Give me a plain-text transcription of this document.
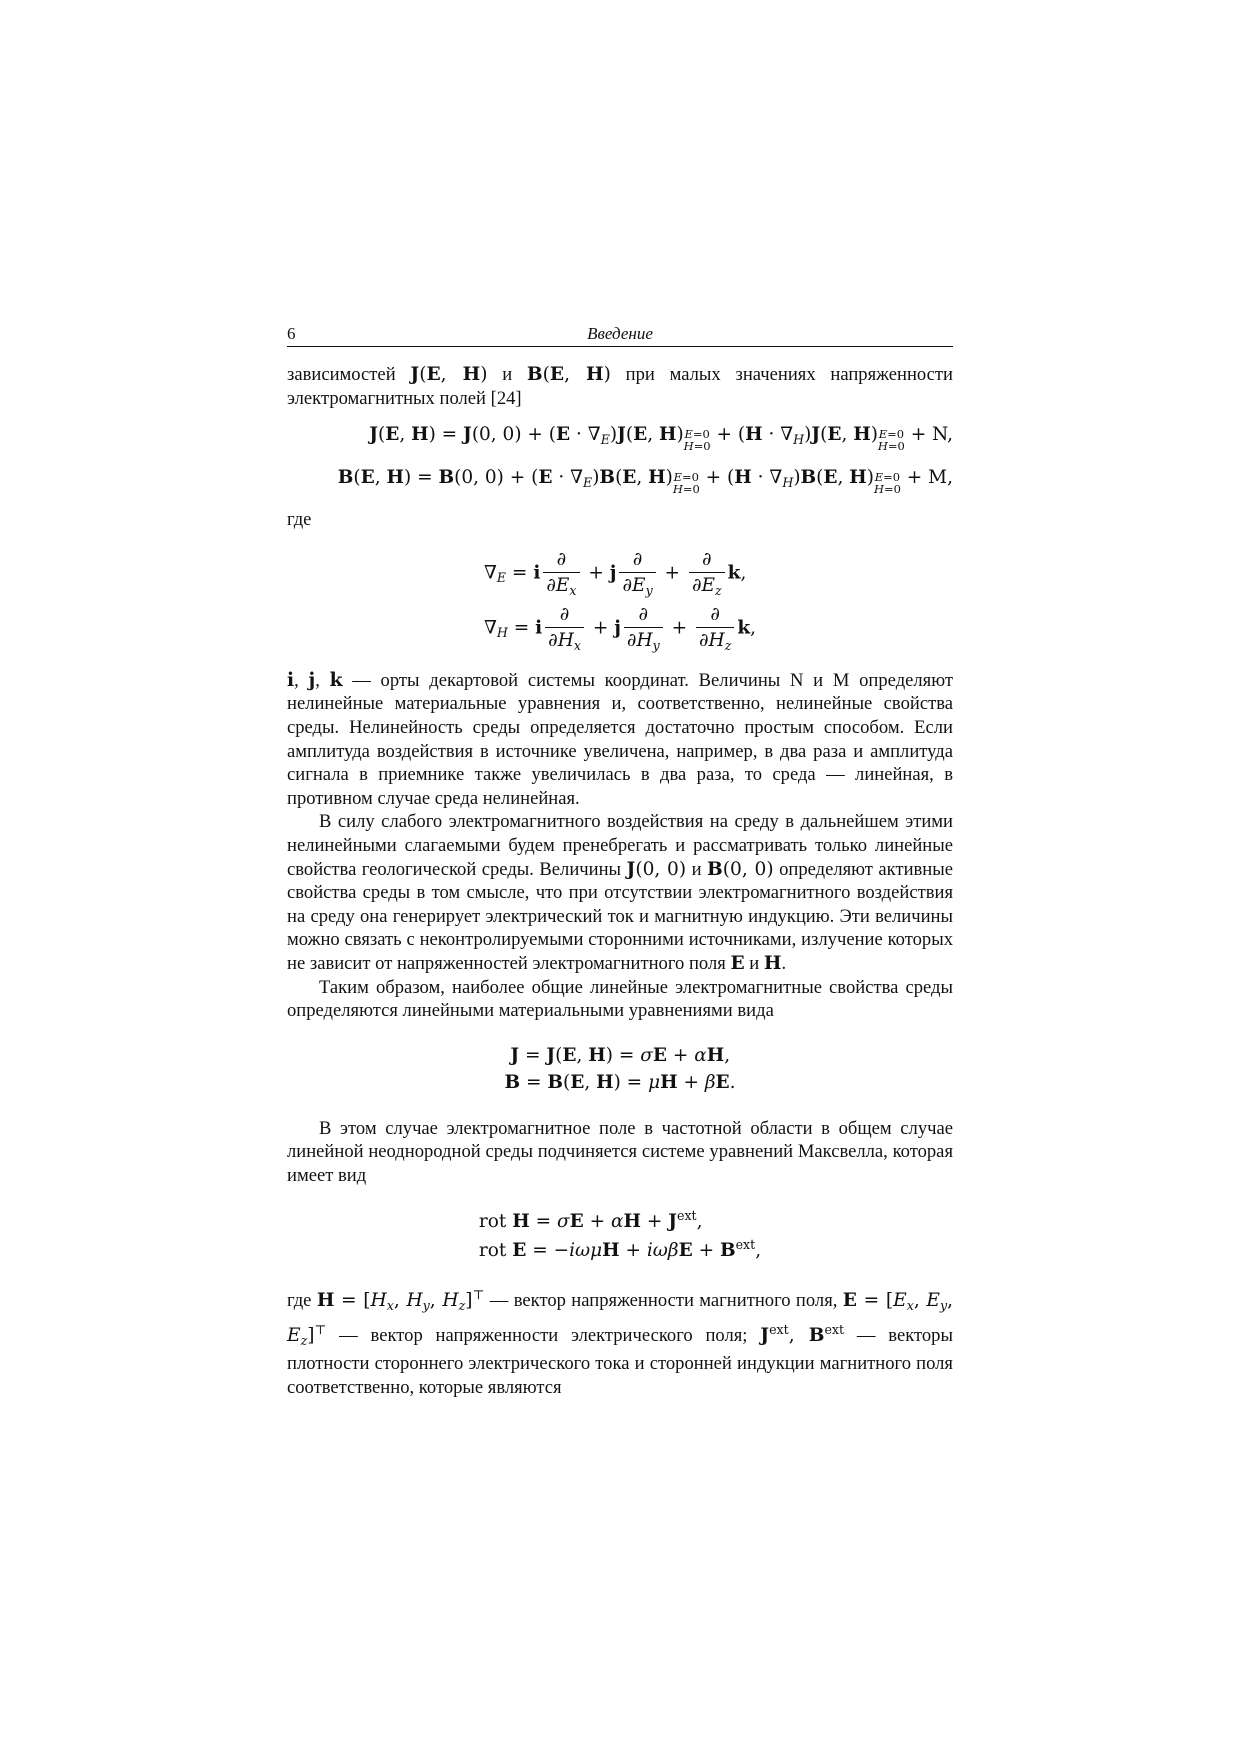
6	Введение

зависимостей J(E, H) и B(E, H) при малых значениях напряженности электромагнитных полей [24]

J(E, H) = J(0, $0) + (E \cdot \nabla_E)J(E$, H)E=0
$H=0 + (H \cdot \nabla_H)J(E$, H)E=0
H=0 + N,
B(E, H) = B(0, $0) + (E \cdot \nabla_E)B(E$, H)E=0
$H=0 + (H \cdot \nabla_H)B(E$, H)E=0
H=0 + M,

где

$\nabla_E = i \frac{\partial}{\partial E_x} + j \frac{\partial}{\partial E_y} + \frac{\partial}{\partial E_z} k$,
$\nabla_H = i \frac{\partial}{\partial H_x} + j \frac{\partial}{\partial H_y} + \frac{\partial}{\partial H_z} k$,

i, j, k — орты декартовой системы координат. Величины N и M определяют нелинейные материальные уравнения и, соответственно, нелинейные свойства среды. Нелинейность среды определяется достаточно простым способом. Если амплитуда воздействия в источнике увеличена, например, в два раза и амплитуда сигнала в приемнике также увеличилась в два раза, то среда — линейная, в противном случае среда нелинейная.

В силу слабого электромагнитного воздействия на среду в дальнейшем этими нелинейными слагаемыми будем пренебрегать и рассматривать только линейные свойства геологической среды. Величины J(0, 0) и B(0, 0) определяют активные свойства среды в том смысле, что при отсутствии электромагнитного воздействия на среду она генерирует электрический ток и магнитную индукцию. Эти величины можно связать с неконтролируемыми сторонними источниками, излучение которых не зависит от напряженностей электромагнитного поля E и H.

Таким образом, наиболее общие линейные электромагнитные свойства среды определяются линейными материальными уравнениями вида

J = J(E, H) = σE + αH,
B = B(E, H) = μH + βE.

В этом случае электромагнитное поле в частотной области в общем случае линейной неоднородной среды подчиняется системе уравнений Максвелла, которая имеет вид

rot $H = \sigma E + \alpha H + J^{ext}$,
rot $E = -i\omega\mu H + i\omega\beta E + B^{ext}$,

где $H = [H_x$, $H_y$, $H_z]^⊤$ — вектор напряженности магнитного поля, $E = [E_x$, $E_y$, $E_z]^⊤$ — вектор напряженности электрического поля; $J^{ext}$, $B^{ext}$ — векторы плотности стороннего электрического тока и сторонней индукции магнитного поля соответственно, которые являются
